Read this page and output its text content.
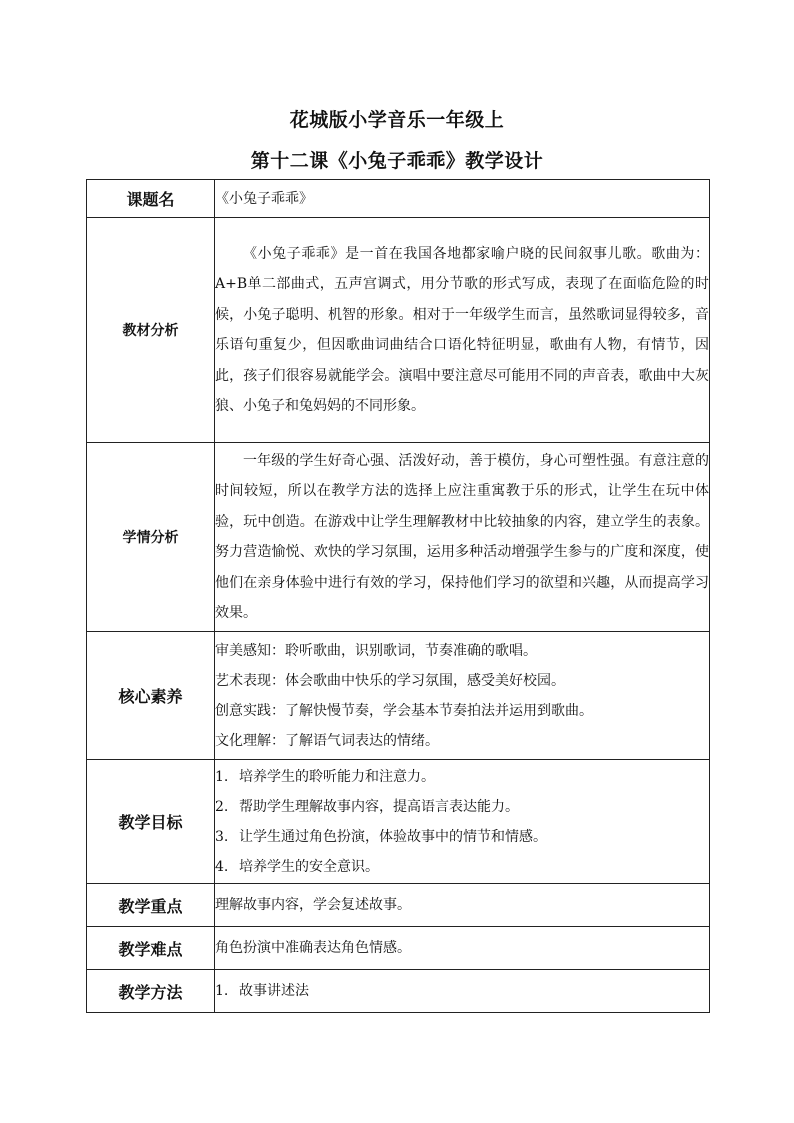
花城版小学音乐一年级上
第十二课《小兔子乖乖》教学设计
课题名	《小兔子乖乖》
教材分析	《小兔子乖乖》是一首在我国各地都家喻户晓的民间叙事儿歌。歌曲为：A+B单二部曲式，五声宫调式，用分节歌的形式写成，表现了在面临危险的时候，小兔子聪明、机智的形象。相对于一年级学生而言，虽然歌词显得较多，音乐语句重复少，但因歌曲词曲结合口语化特征明显，歌曲有人物，有情节，因此，孩子们很容易就能学会。演唱中要注意尽可能用不同的声音表，歌曲中大灰狼、小兔子和兔妈妈的不同形象。
学情分析	一年级的学生好奇心强、活泼好动，善于模仿，身心可塑性强。有意注意的时间较短，所以在教学方法的选择上应注重寓教于乐的形式，让学生在玩中体验，玩中创造。在游戏中让学生理解教材中比较抽象的内容，建立学生的表象。努力营造愉悦、欢快的学习氛围，运用多种活动增强学生参与的广度和深度，使他们在亲身体验中进行有效的学习，保持他们学习的欲望和兴趣，从而提高学习效果。
核心素养	审美感知：聆听歌曲，识别歌词，节奏准确的歌唱。

艺术表现：体会歌曲中快乐的学习氛围，感受美好校园。

创意实践：了解快慢节奏，学会基本节奏拍法并运用到歌曲。

文化理解：了解语气词表达的情绪。

教学目标	1. 培养学生的聆听能力和注意力。

2. 帮助学生理解故事内容，提高语言表达能力。

3. 让学生通过角色扮演，体验故事中的情节和情感。

4. 培养学生的安全意识。

教学重点	理解故事内容，学会复述故事。
教学难点	角色扮演中准确表达角色情感。
教学方法	1. 故事讲述法
